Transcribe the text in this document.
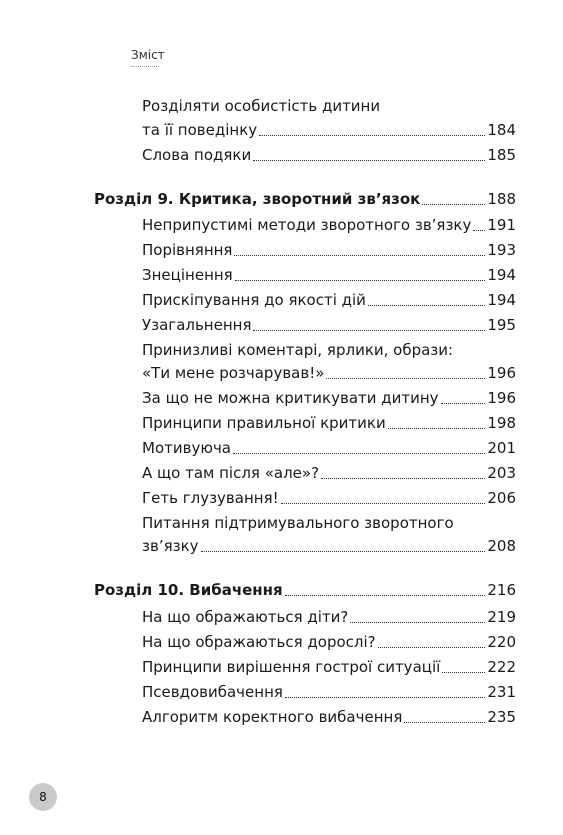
Зміст
Розділяти особистість дитини
та її поведінку	184
Слова подяки	185
Розділ 9. Критика, зворотний зв’язок	188
Неприпустимі методи зворотного зв’язку 191
Порівняння	193
Знецінення	194
Прискіпування до якості дій	194
Узагальнення	195
Принизливі коментарі, ярлики, образи:
«Ти мене розчарував!»	196
За що не можна критикувати дитину	196
Принципи правильної критики	198
Мотивуюча	201
А що там після «але»?	203
Геть глузування!	206
Питання підтримувального зворотного
зв’язку	208
Розділ 10. Вибачення	216
На що ображаються діти?	219
На що ображаються дорослі?	220
Принципи вирішення гострої ситуації	222
Псевдовибачення	231
Алгоритм коректного вибачення	235
8
